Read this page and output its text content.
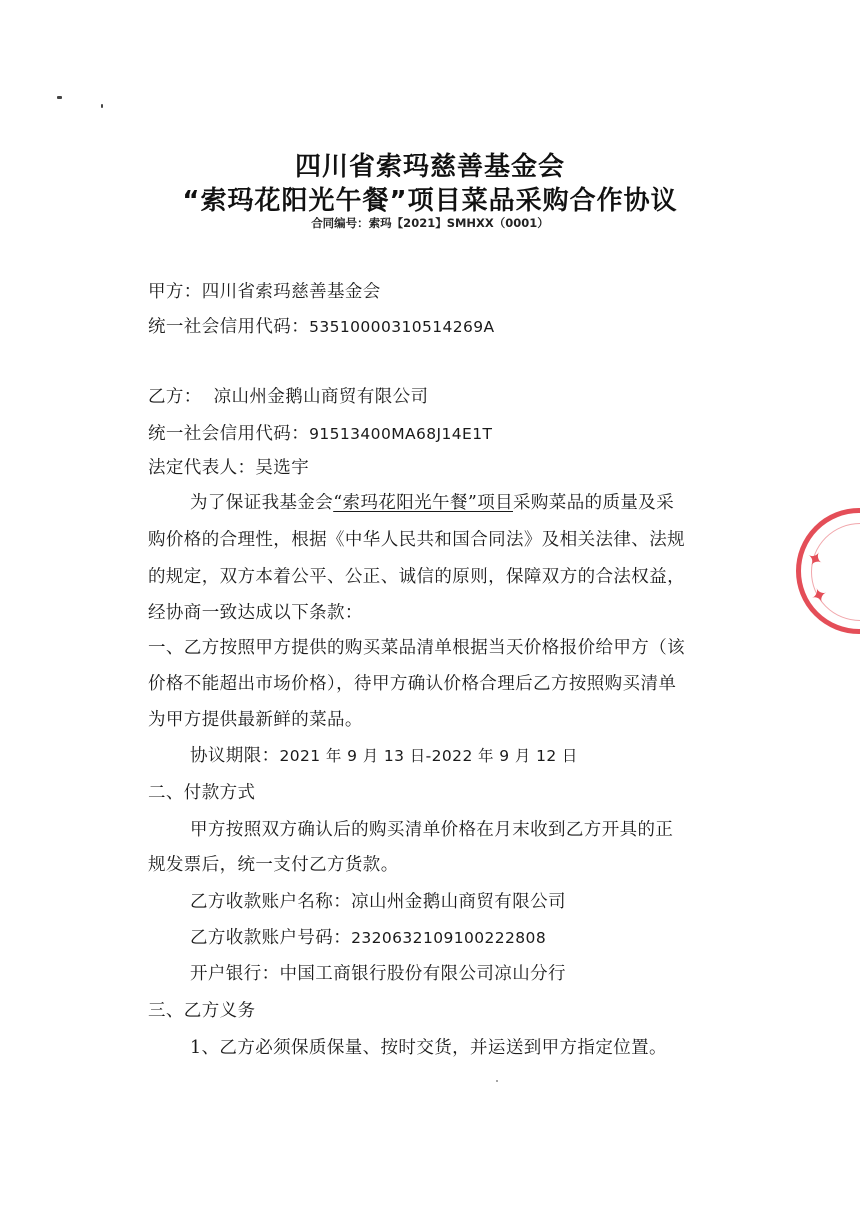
四川省索玛慈善基金会
“索玛花阳光午餐”项目菜品采购合作协议
合同编号：索玛【2021】SMHXX（0001）
甲方：四川省索玛慈善基金会
统一社会信用代码：53510000310514269A
乙方：  凉山州金鹅山商贸有限公司
统一社会信用代码：91513400MA68J14E1T
法定代表人：吴选宇
为了保证我基金会“索玛花阳光午餐”项目采购菜品的质量及采
购价格的合理性，根据《中华人民共和国合同法》及相关法律、法规
的规定，双方本着公平、公正、诚信的原则，保障双方的合法权益，
经协商一致达成以下条款：
一、乙方按照甲方提供的购买菜品清单根据当天价格报价给甲方（该
价格不能超出市场价格），待甲方确认价格合理后乙方按照购买清单
为甲方提供最新鲜的菜品。
协议期限：2021 年 9 月 13 日-2022 年 9 月 12 日
二、付款方式
甲方按照双方确认后的购买清单价格在月末收到乙方开具的正
规发票后，统一支付乙方货款。
乙方收款账户名称：凉山州金鹅山商贸有限公司
乙方收款账户号码：2320632109100222808
开户银行：中国工商银行股份有限公司凉山分行
三、乙方义务
1、乙方必须保质保量、按时交货，并运送到甲方指定位置。
✦
✦
